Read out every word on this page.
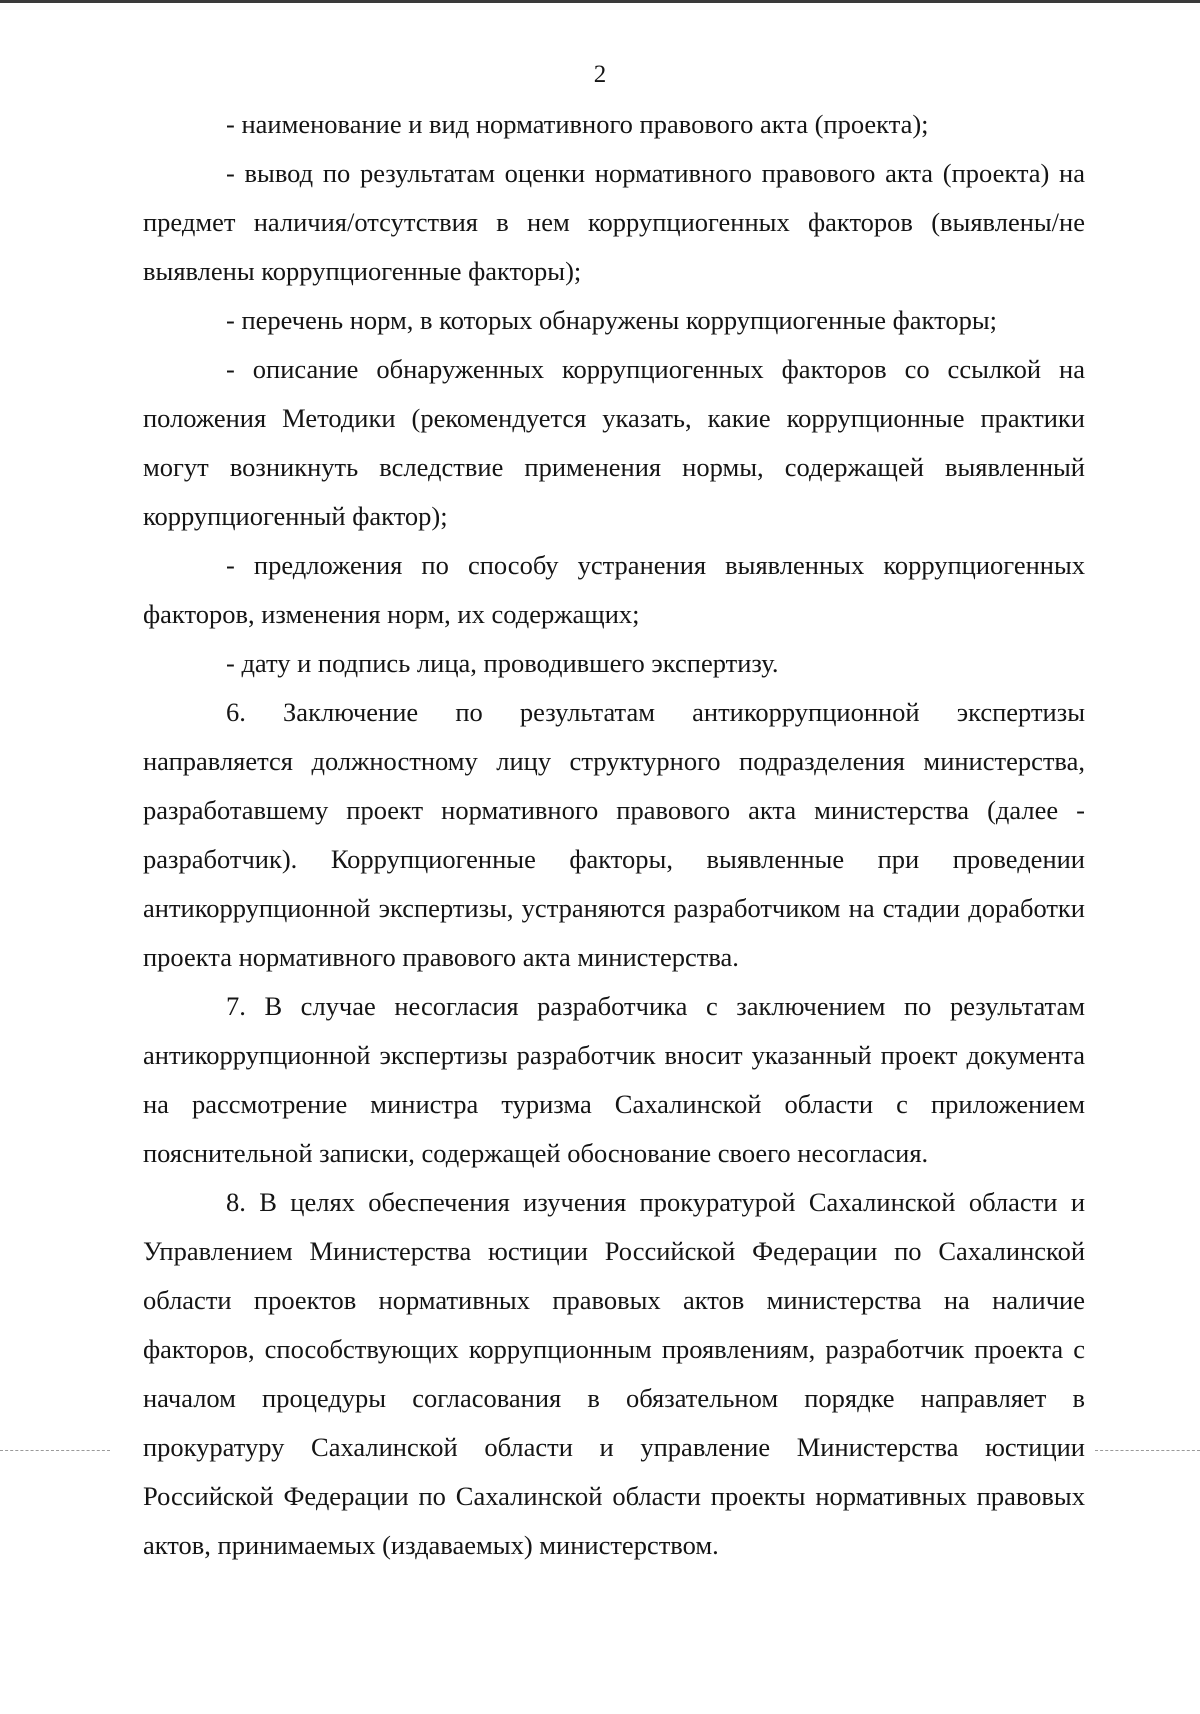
2

- наименование и вид нормативного правового акта (проекта);

- вывод по результатам оценки нормативного правового акта (проекта) на предмет наличия/отсутствия в нем коррупциогенных факторов (выявлены/не выявлены коррупциогенные факторы);

- перечень норм, в которых обнаружены коррупциогенные факторы;

- описание обнаруженных коррупциогенных факторов со ссылкой на положения Методики (рекомендуется указать, какие коррупционные практики могут возникнуть вследствие применения нормы, содержащей выявленный коррупциогенный фактор);

- предложения по способу устранения выявленных коррупциогенных факторов, изменения норм, их содержащих;

- дату и подпись лица, проводившего экспертизу.

6. Заключение по результатам антикоррупционной экспертизы направляется должностному лицу структурного подразделения министерства, разработавшему проект нормативного правового акта министерства (далее - разработчик). Коррупциогенные факторы, выявленные при проведении антикоррупционной экспертизы, устраняются разработчиком на стадии доработки проекта нормативного правового акта министерства.

7. В случае несогласия разработчика с заключением по результатам антикоррупционной экспертизы разработчик вносит указанный проект документа на рассмотрение министра туризма Сахалинской области с приложением пояснительной записки, содержащей обоснование своего несогласия.

8. В целях обеспечения изучения прокуратурой Сахалинской области и Управлением Министерства юстиции Российской Федерации по Сахалинской области проектов нормативных правовых актов министерства на наличие факторов, способствующих коррупционным проявлениям, разработчик проекта с началом процедуры согласования в обязательном порядке направляет в прокуратуру Сахалинской области и управление Министерства юстиции Российской Федерации по Сахалинской области проекты нормативных правовых актов, принимаемых (издаваемых) министерством.
